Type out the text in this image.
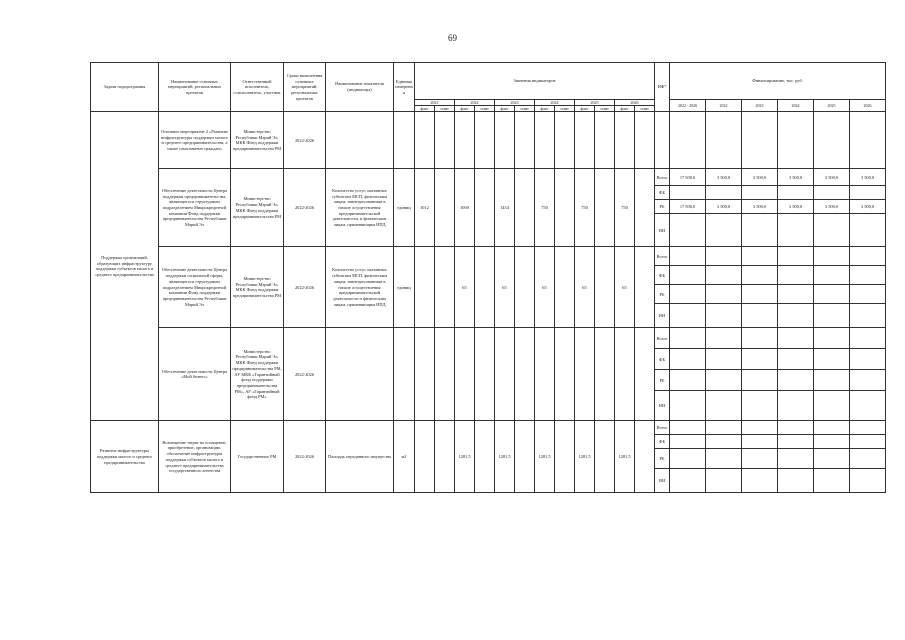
69
Задачи подпрограммы	Наименование основных мероприятий, региональных проектов	Ответственный исполнитель, соисполнитель, участник	Сроки выполнения основных мероприятий, региональных проектов	Наименование показателя (индикатора)	Единица измерения	Значения индикаторов												ИФ*	Финансирование, тыс. руб.					
						2021		2022		2023		2024		2025		2026			2022 - 2026	2022	2023	2024	2025	2026
						факт	план	факт	план	факт	план	факт	план	факт	план	факт	план							
Поддержка организаций, образующих инфраструктуру поддержки субъектов малого и среднего предпринимательства	Основное мероприятие 2 «Развитие инфраструктуры поддержки малого и среднего предпринимательства, а также самозанятых граждан»	Министерство Республики Марий Эл, МКК Фонд поддержки предпринимательства РМ	2022-2026																					
	Обеспечение деятельности Центра поддержки предпринимательства, являющегося структурным подразделением Микрокредитной компании Фонд поддержки предпринимательства Республики Марий Эл	Министерство Республики Марий Эл, МКК Фонд поддержки предпринимательства РМ	2022-2026	Количество услуг, оказанных субъектам МСП, физическим лицам, заинтересованным в начале осуществления предпринимательской деятельности, и физическим лицам, применяющим НПД	единиц	1012		1000		1454		750		750		750		Всего	17 500,0	3 500,0	3 500,0	3 500,0	3 500,0	3 500,0
																		ФБ						
																		РБ	17 500,0	3 500,0	3 500,0	3 500,0	3 500,0	3 500,0
																		ВИ						
	Обеспечение деятельности Центра поддержки социальной сферы, являющегося структурным подразделением Микрокредитной компании Фонд поддержки предпринимательства Республики Марий Эл	Министерство Республики Марий Эл, МКК Фонд поддержки предпринимательства РМ	2022-2026	Количество услуг, оказанных субъектам МСП, физическим лицам, заинтересованным в начале осуществления предпринимательской деятельности и физическим лицам, применяющим НПД	единиц			65		65		65		65		65		Всего						
																		ФБ						
																		РБ						
																		ВИ						
	Обеспечение деятельности Центра «Мой бизнес»	Министерство Республики Марий Эл, МКК Фонд поддержки предпринимательства РМ, АУ МКК «Гарантийный фонд поддержки предпринимательства РМ», АУ «Гарантийный фонд РМ»	2022-2026															Всего						
																		ФБ						
																		РБ						
																		ВИ						
Развитие инфраструктуры поддержки малого и среднего предпринимательства	Возмещение затрат на оснащение, приобретение, организацию, обеспечение инфраструктуры поддержки субъектов малого и среднего предпринимательства государственного агентства	Государственное РМ	2022-2026	Площадь переданного имущества	м2			1281,5		1281,5		1281,5		1281,5		1281,5		Всего						
																		ФБ						
																		РБ						
																		ВИ						
